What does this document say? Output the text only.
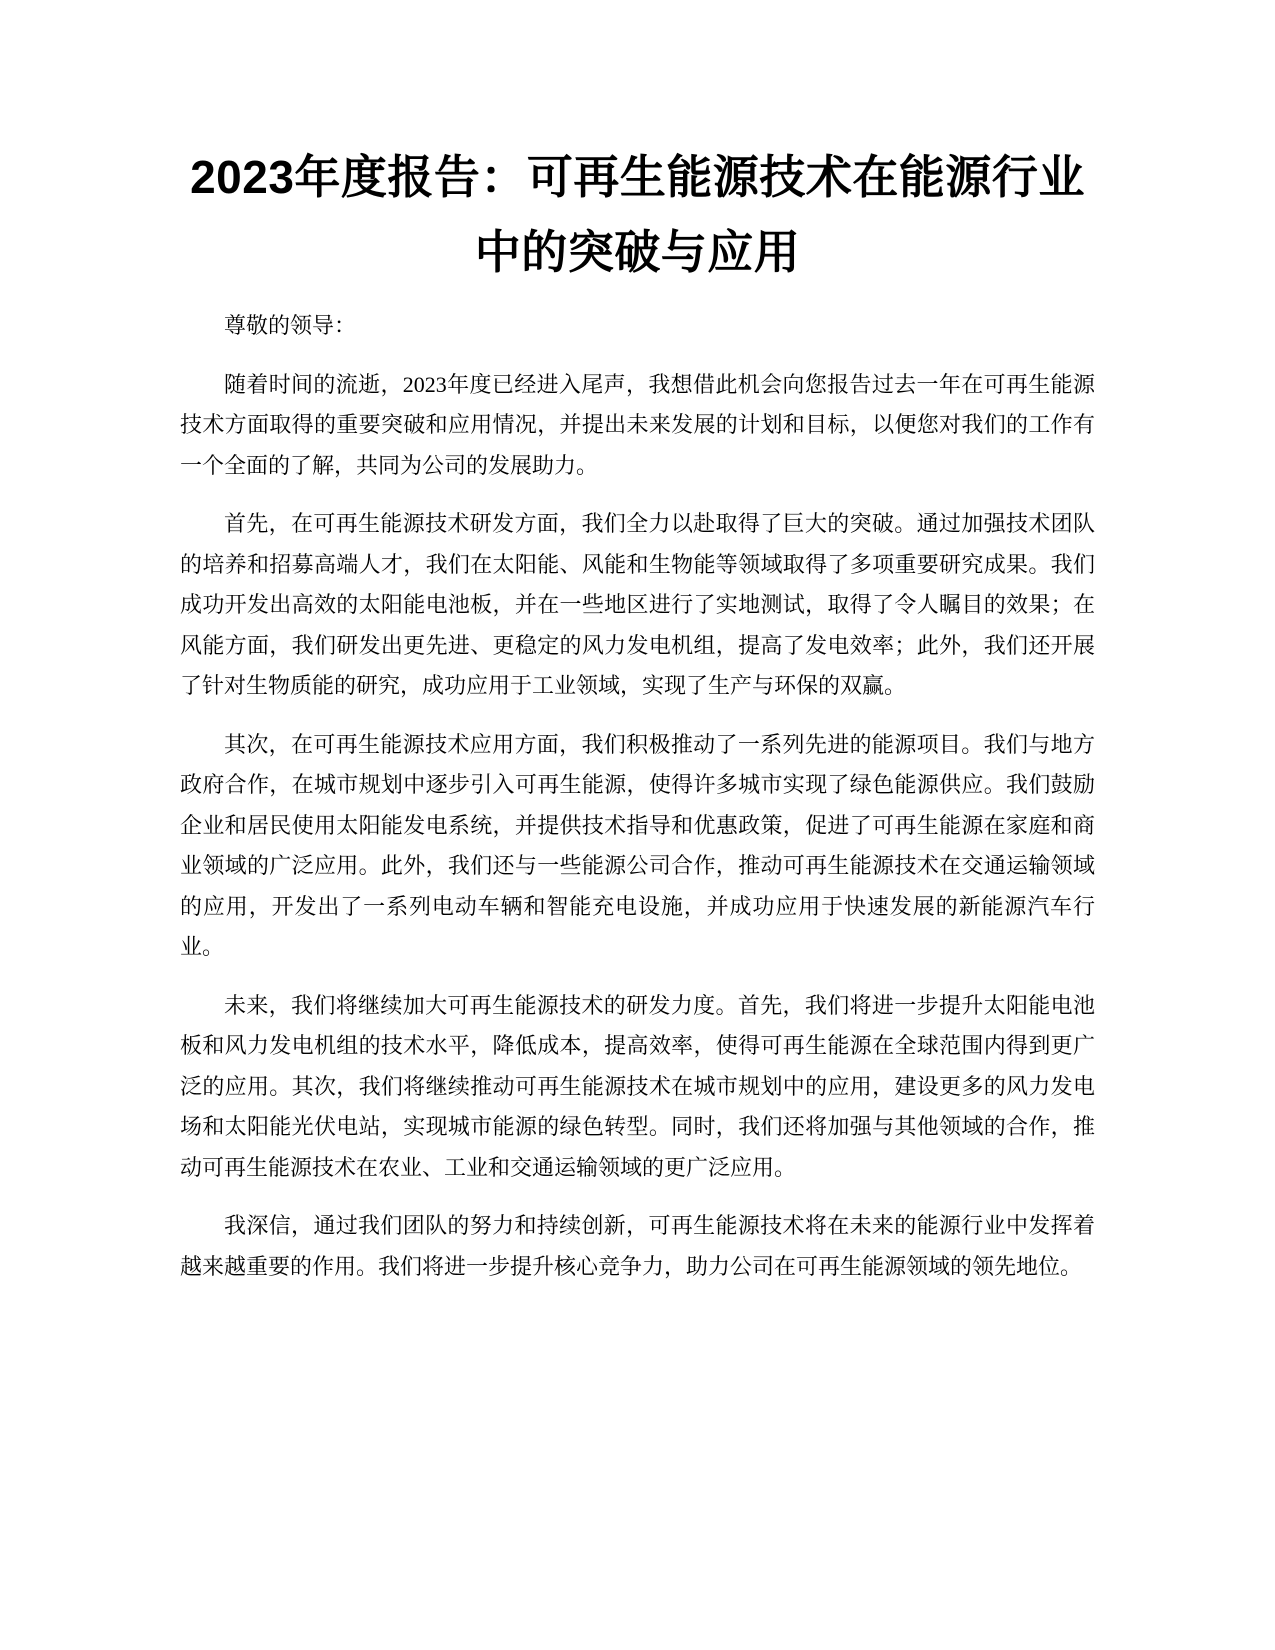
2023年度报告：可再生能源技术在能源行业中的突破与应用

尊敬的领导：

随着时间的流逝，2023年度已经进入尾声，我想借此机会向您报告过去一年在可再生能源技术方面取得的重要突破和应用情况，并提出未来发展的计划和目标，以便您对我们的工作有一个全面的了解，共同为公司的发展助力。

首先，在可再生能源技术研发方面，我们全力以赴取得了巨大的突破。通过加强技术团队的培养和招募高端人才，我们在太阳能、风能和生物能等领域取得了多项重要研究成果。我们成功开发出高效的太阳能电池板，并在一些地区进行了实地测试，取得了令人瞩目的效果；在风能方面，我们研发出更先进、更稳定的风力发电机组，提高了发电效率；此外，我们还开展了针对生物质能的研究，成功应用于工业领域，实现了生产与环保的双赢。

其次，在可再生能源技术应用方面，我们积极推动了一系列先进的能源项目。我们与地方政府合作，在城市规划中逐步引入可再生能源，使得许多城市实现了绿色能源供应。我们鼓励企业和居民使用太阳能发电系统，并提供技术指导和优惠政策，促进了可再生能源在家庭和商业领域的广泛应用。此外，我们还与一些能源公司合作，推动可再生能源技术在交通运输领域的应用，开发出了一系列电动车辆和智能充电设施，并成功应用于快速发展的新能源汽车行业。

未来，我们将继续加大可再生能源技术的研发力度。首先，我们将进一步提升太阳能电池板和风力发电机组的技术水平，降低成本，提高效率，使得可再生能源在全球范围内得到更广泛的应用。其次，我们将继续推动可再生能源技术在城市规划中的应用，建设更多的风力发电场和太阳能光伏电站，实现城市能源的绿色转型。同时，我们还将加强与其他领域的合作，推动可再生能源技术在农业、工业和交通运输领域的更广泛应用。

我深信，通过我们团队的努力和持续创新，可再生能源技术将在未来的能源行业中发挥着越来越重要的作用。我们将进一步提升核心竞争力，助力公司在可再生能源领域的领先地位。
